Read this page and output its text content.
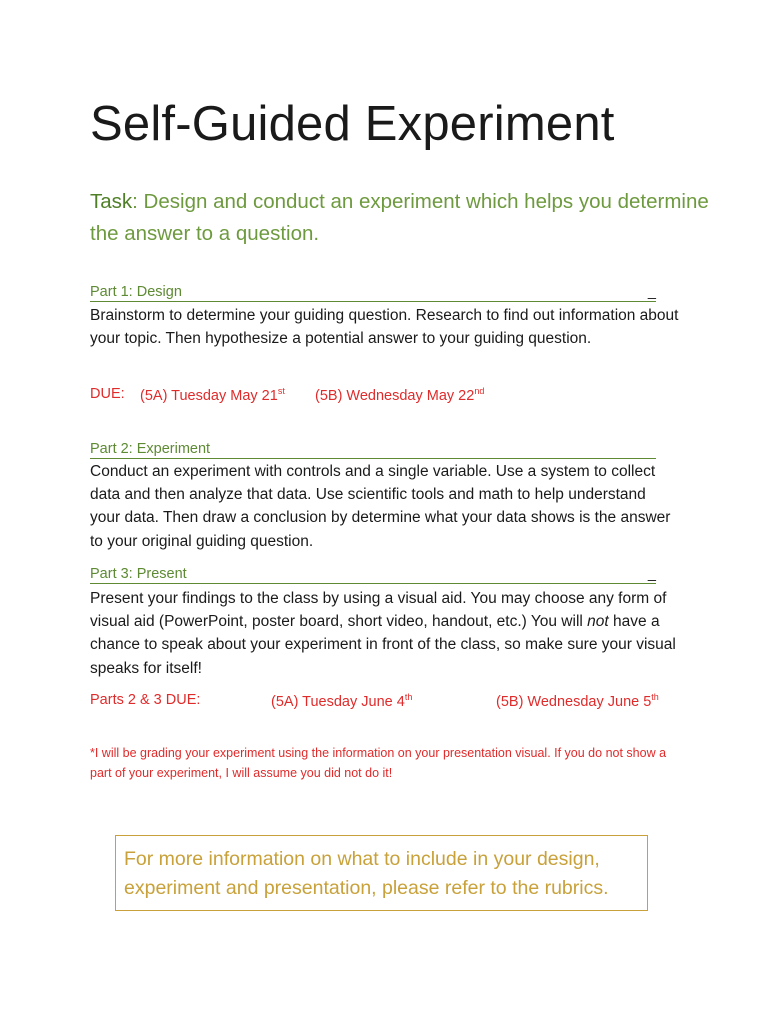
Self-Guided Experiment

Task: Design and conduct an experiment which helps you determine the answer to a question.

Part 1: Design	_

Brainstorm to determine your guiding question. Research to find out information about your topic. Then hypothesize a potential answer to your guiding question.

DUE: (5A) Tuesday May 21st (5B) Wednesday May 22nd
Part 2: Experiment

Conduct an experiment with controls and a single variable. Use a system to collect data and then analyze that data. Use scientific tools and math to help understand your data. Then draw a conclusion by determine what your data shows is the answer to your original guiding question.

Part 3: Present	_

Present your findings to the class by using a visual aid. You may choose any form of visual aid (PowerPoint, poster board, short video, handout, etc.) You will not have a chance to speak about your experiment in front of the class, so make sure your visual speaks for itself!

Parts 2 & 3 DUE:	(5A) Tuesday June 4th	(5B) Wednesday June 5th

*I will be grading your experiment using the information on your presentation visual. If you do not show a part of your experiment, I will assume you did not do it!

For more information on what to include in your design, experiment and presentation, please refer to the rubrics.
